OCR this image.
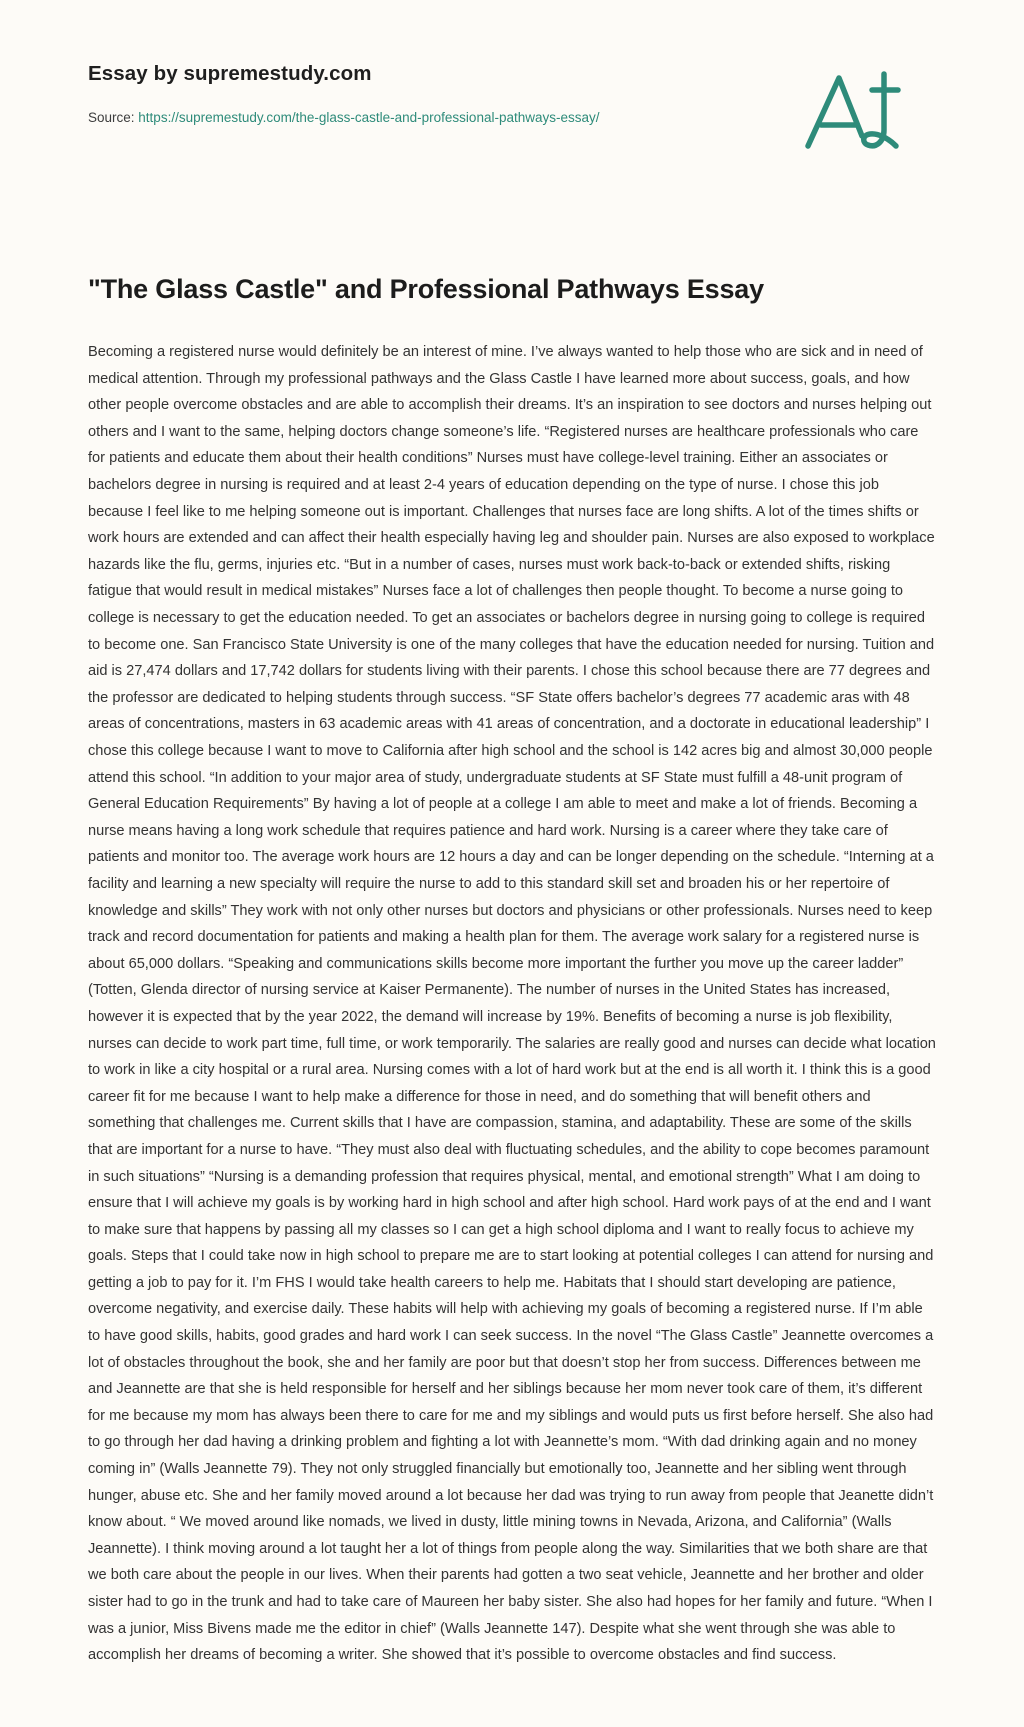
Essay by supremestudy.com
Source: https://supremestudy.com/the-glass-castle-and-professional-pathways-essay/
"The Glass Castle" and Professional Pathways Essay

Becoming a registered nurse would definitely be an interest of mine. I’ve always wanted to help those who are sick and in need of medical attention. Through my professional pathways and the Glass Castle I have learned more about success, goals, and how other people overcome obstacles and are able to accomplish their dreams. It’s an inspiration to see doctors and nurses helping out others and I want to the same, helping doctors change someone’s life. “Registered nurses are healthcare professionals who care for patients and educate them about their health conditions” Nurses must have college-level training. Either an associates or bachelors degree in nursing is required and at least 2-4 years of education depending on the type of nurse. I chose this job because I feel like to me helping someone out is important. Challenges that nurses face are long shifts. A lot of the times shifts or work hours are extended and can affect their health especially having leg and shoulder pain. Nurses are also exposed to workplace hazards like the flu, germs, injuries etc. “But in a number of cases, nurses must work back-to-back or extended shifts, risking fatigue that would result in medical mistakes” Nurses face a lot of challenges then people thought. To become a nurse going to college is necessary to get the education needed. To get an associates or bachelors degree in nursing going to college is required to become one. San Francisco State University is one of the many colleges that have the education needed for nursing. Tuition and aid is 27,474 dollars and 17,742 dollars for students living with their parents. I chose this school because there are 77 degrees and the professor are dedicated to helping students through success. “SF State offers bachelor’s degrees 77 academic aras with 48 areas of concentrations, masters in 63 academic areas with 41 areas of concentration, and a doctorate in educational leadership” I chose this college because I want to move to California after high school and the school is 142 acres big and almost 30,000 people attend this school. “In addition to your major area of study, undergraduate students at SF State must fulfill a 48-unit program of General Education Requirements” By having a lot of people at a college I am able to meet and make a lot of friends. Becoming a nurse means having a long work schedule that requires patience and hard work. Nursing is a career where they take care of patients and monitor too. The average work hours are 12 hours a day and can be longer depending on the schedule. “Interning at a facility and learning a new specialty will require the nurse to add to this standard skill set and broaden his or her repertoire of knowledge and skills” They work with not only other nurses but doctors and physicians or other professionals. Nurses need to keep track and record documentation for patients and making a health plan for them. The average work salary for a registered nurse is about 65,000 dollars. “Speaking and communications skills become more important the further you move up the career ladder” (Totten, Glenda director of nursing service at Kaiser Permanente). The number of nurses in the United States has increased, however it is expected that by the year 2022, the demand will increase by 19%. Benefits of becoming a nurse is job flexibility, nurses can decide to work part time, full time, or work temporarily. The salaries are really good and nurses can decide what location to work in like a city hospital or a rural area. Nursing comes with a lot of hard work but at the end is all worth it. I think this is a good career fit for me because I want to help make a difference for those in need, and do something that will benefit others and something that challenges me. Current skills that I have are compassion, stamina, and adaptability. These are some of the skills that are important for a nurse to have. “They must also deal with fluctuating schedules, and the ability to cope becomes paramount in such situations” “Nursing is a demanding profession that requires physical, mental, and emotional strength” What I am doing to ensure that I will achieve my goals is by working hard in high school and after high school. Hard work pays of at the end and I want to make sure that happens by passing all my classes so I can get a high school diploma and I want to really focus to achieve my goals. Steps that I could take now in high school to prepare me are to start looking at potential colleges I can attend for nursing and getting a job to pay for it. I’m FHS I would take health careers to help me. Habitats that I should start developing are patience, overcome negativity, and exercise daily. These habits will help with achieving my goals of becoming a registered nurse. If I’m able to have good skills, habits, good grades and hard work I can seek success. In the novel “The Glass Castle” Jeannette overcomes a lot of obstacles throughout the book, she and her family are poor but that doesn’t stop her from success. Differences between me and Jeannette are that she is held responsible for herself and her siblings because her mom never took care of them, it’s different for me because my mom has always been there to care for me and my siblings and would puts us first before herself. She also had to go through her dad having a drinking problem and fighting a lot with Jeannette’s mom. “With dad drinking again and no money coming in” (Walls Jeannette 79). They not only struggled financially but emotionally too, Jeannette and her sibling went through hunger, abuse etc. She and her family moved around a lot because her dad was trying to run away from people that Jeanette didn’t know about. “ We moved around like nomads, we lived in dusty, little mining towns in Nevada, Arizona, and California” (Walls Jeannette). I think moving around a lot taught her a lot of things from people along the way. Similarities that we both share are that we both care about the people in our lives. When their parents had gotten a two seat vehicle, Jeannette and her brother and older sister had to go in the trunk and had to take care of Maureen her baby sister. She also had hopes for her family and future. “When I was a junior, Miss Bivens made me the editor in chief” (Walls Jeannette 147). Despite what she went through she was able to accomplish her dreams of becoming a writer. She showed that it’s possible to overcome obstacles and find success.
